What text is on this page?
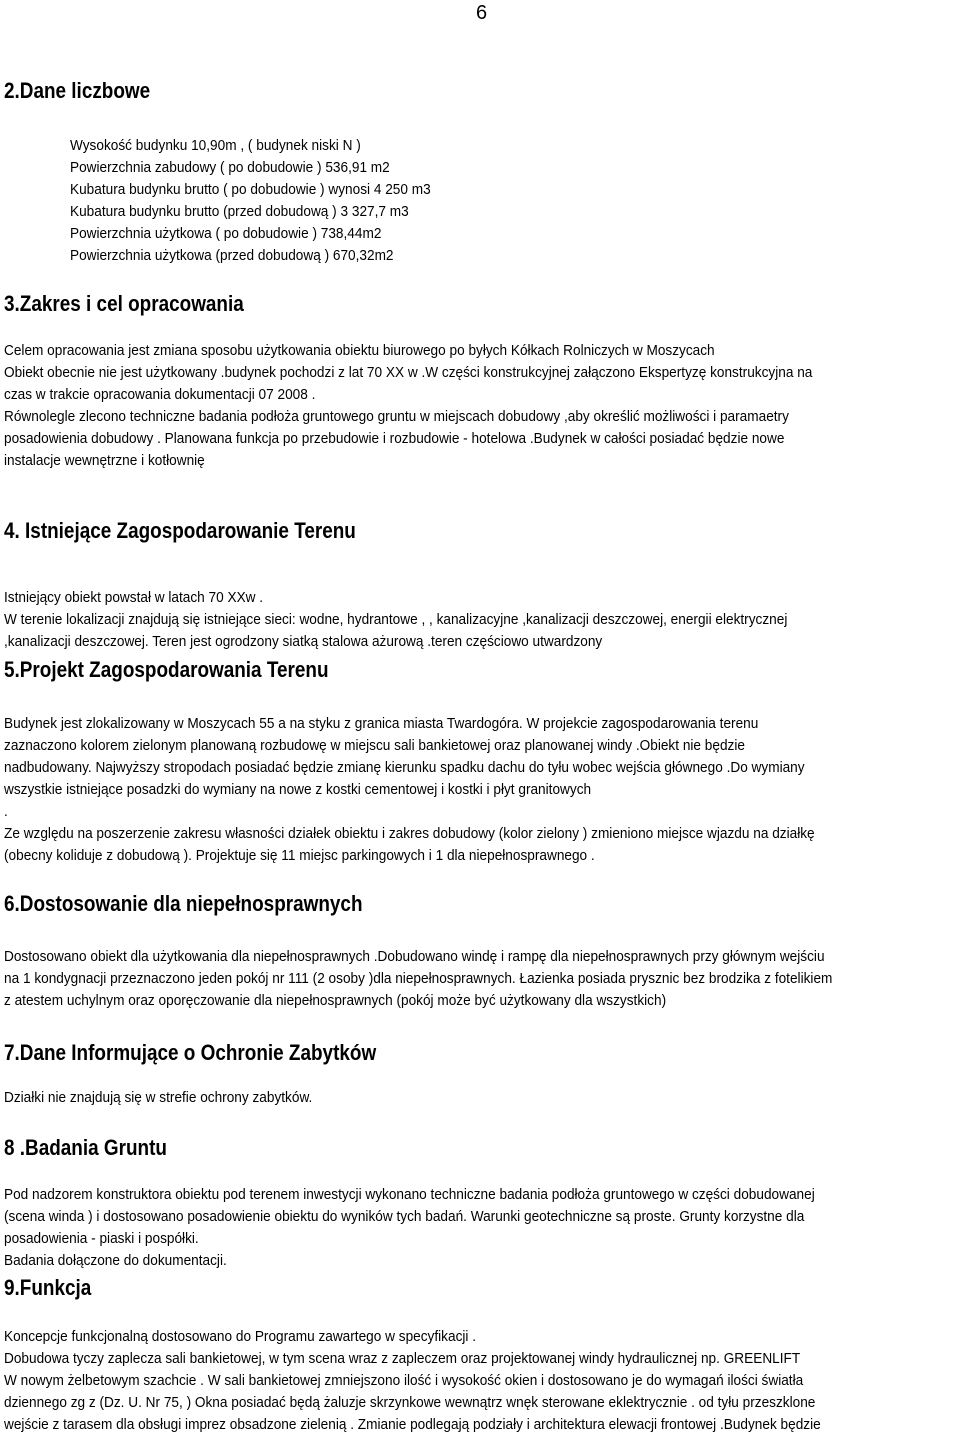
6
2.Dane liczbowe
Wysokość budynku 10,90m , ( budynek niski N )
Powierzchnia zabudowy ( po dobudowie ) 536,91 m2
Kubatura budynku brutto ( po dobudowie ) wynosi 4 250 m3
Kubatura budynku brutto (przed dobudową ) 3 327,7 m3
Powierzchnia użytkowa ( po dobudowie ) 738,44m2
Powierzchnia użytkowa (przed dobudową ) 670,32m2
3.Zakres i cel opracowania
Celem opracowania jest zmiana sposobu użytkowania obiektu biurowego po byłych Kółkach Rolniczych w Moszycach
Obiekt obecnie nie jest użytkowany .budynek pochodzi z lat 70 XX w .W części konstrukcyjnej załączono Ekspertyzę konstrukcyjna na
czas w trakcie opracowania dokumentacji 07 2008 .
Równolegle zlecono techniczne badania podłoża gruntowego gruntu w miejscach dobudowy ,aby określić możliwości i paramaetry
posadowienia dobudowy . Planowana funkcja po przebudowie i rozbudowie - hotelowa .Budynek w całości posiadać będzie nowe
instalacje wewnętrzne i kotłownię
4. Istniejące Zagospodarowanie Terenu
Istniejący obiekt powstał w latach 70 XXw .
W terenie lokalizacji znajdują się istniejące sieci: wodne, hydrantowe , , kanalizacyjne ,kanalizacji deszczowej, energii elektrycznej
,kanalizacji deszczowej. Teren jest ogrodzony siatką stalowa ażurową .teren częściowo utwardzony
5.Projekt Zagospodarowania Terenu
Budynek jest zlokalizowany w Moszycach 55 a na styku z granica miasta Twardogóra. W projekcie zagospodarowania terenu
zaznaczono kolorem zielonym planowaną rozbudowę w miejscu sali bankietowej oraz planowanej windy .Obiekt nie będzie
nadbudowany. Najwyższy stropodach posiadać będzie zmianę kierunku spadku dachu do tyłu wobec wejścia głównego .Do wymiany
wszystkie istniejące posadzki do wymiany na nowe z kostki cementowej i kostki i płyt granitowych
.
Ze względu na poszerzenie zakresu własności działek obiektu i zakres dobudowy (kolor zielony ) zmieniono miejsce wjazdu na działkę
(obecny koliduje z dobudową ). Projektuje się 11 miejsc parkingowych i 1 dla niepełnosprawnego .
6.Dostosowanie dla niepełnosprawnych
Dostosowano obiekt dla użytkowania dla niepełnosprawnych .Dobudowano windę i rampę dla niepełnosprawnych przy głównym wejściu
na 1 kondygnacji przeznaczono jeden pokój nr 111 (2 osoby )dla niepełnosprawnych. Łazienka posiada prysznic bez brodzika z fotelikiem
z atestem uchylnym oraz oporęczowanie dla niepełnosprawnych (pokój może być użytkowany dla wszystkich)
7.Dane Informujące o Ochronie Zabytków
Działki nie znajdują się w strefie ochrony zabytków.
8 .Badania Gruntu
Pod nadzorem konstruktora obiektu pod terenem inwestycji wykonano techniczne badania podłoża gruntowego w części dobudowanej
(scena winda ) i dostosowano posadowienie obiektu do wyników tych badań. Warunki geotechniczne są proste. Grunty korzystne dla
posadowienia - piaski i pospółki.
Badania dołączone do dokumentacji.
9.Funkcja
Koncepcje funkcjonalną dostosowano do Programu zawartego w specyfikacji .
Dobudowa tyczy zaplecza sali bankietowej, w tym scena wraz z zapleczem oraz projektowanej windy hydraulicznej np. GREENLIFT
W nowym żelbetowym szachcie . W sali bankietowej zmniejszono ilość i wysokość okien i dostosowano je do wymagań ilości światła
dziennego zg z (Dz. U. Nr 75, ) Okna posiadać będą żaluzje skrzynkowe wewnątrz wnęk sterowane eklektrycznie . od tyłu przeszklone
wejście z tarasem dla obsługi imprez obsadzone zielenią . Zmianie podlegają podziały i architektura elewacji frontowej .Budynek będzie
